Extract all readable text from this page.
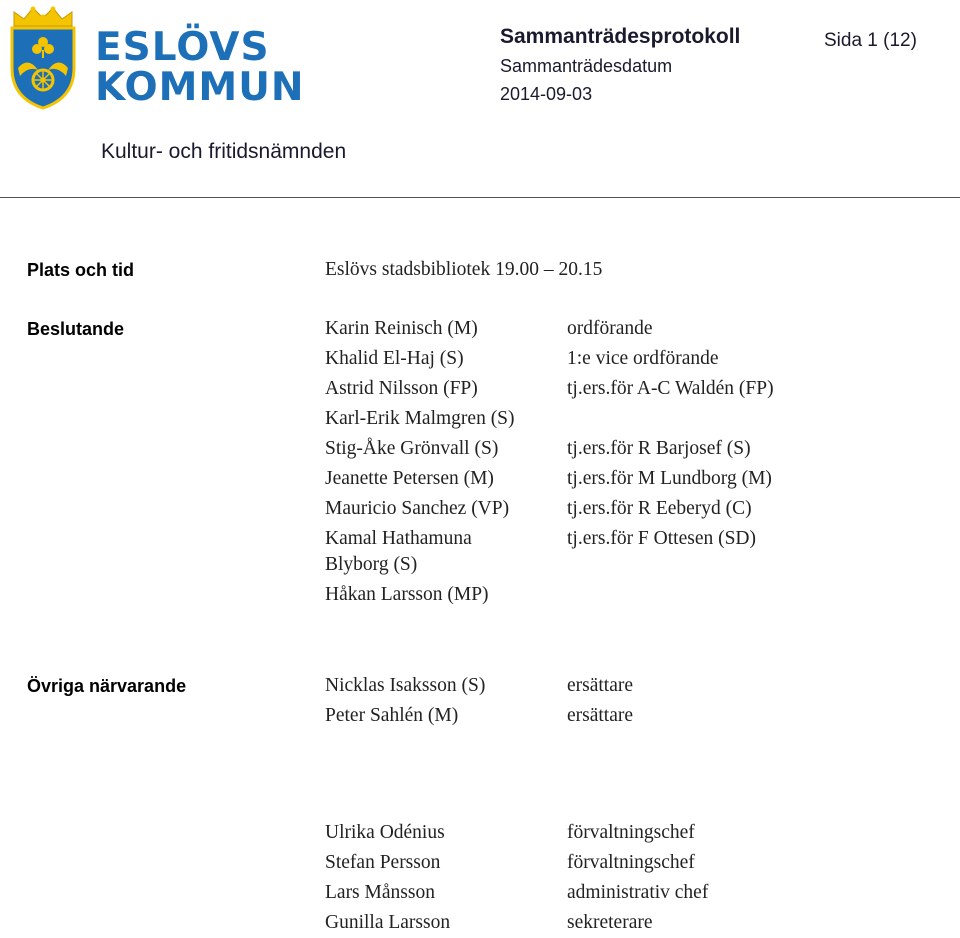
ESLÖVS
KOMMUN
Sammanträdesprotokoll	Sida 1 (12)
Sammanträdesdatum
2014-09-03
Kultur- och fritidsnämnden
Plats och tid	Eslövs stadsbibliotek 19.00 – 20.15
Beslutande	Karin Reinisch (M)	ordförande
Khalid El-Haj (S)	1:e vice ordförande
Astrid Nilsson (FP)	tj.ers.för A-C Waldén (FP)
Karl-Erik Malmgren (S)
Stig-Åke Grönvall (S)	tj.ers.för R Barjosef (S)
Jeanette Petersen (M)	tj.ers.för M Lundborg (M)
Mauricio Sanchez (VP)	tj.ers.för R Eeberyd (C)
Kamal Hathamuna	tj.ers.för F Ottesen (SD)
Blyborg (S)
Håkan Larsson (MP)
Övriga närvarande	Nicklas Isaksson (S)	ersättare
Peter Sahlén (M)	ersättare
Ulrika Odénius	förvaltningschef
Stefan Persson	förvaltningschef
Lars Månsson	administrativ chef
Gunilla Larsson	sekreterare
